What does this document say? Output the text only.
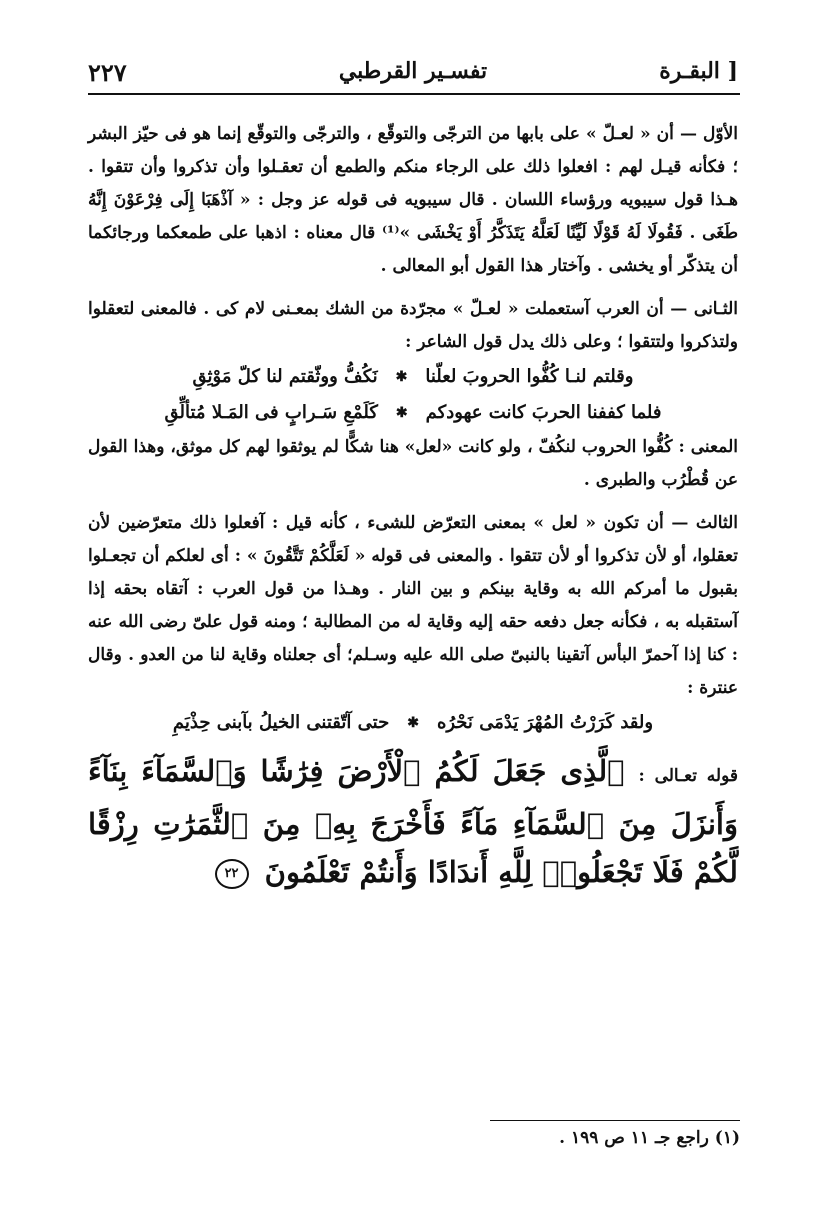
٢٢٧	تفسـير القرطبي	البقـرة ]

الأوّل — أن « لعـلّ » على بابها من الترجّى والتوقّع ، والترجّى والتوقّع إنما هو فى حيّز البشر ؛ فكأنه قيـل لهم : افعلوا ذلك على الرجاء منكم والطمع أن تعقـلوا وأن تذكروا وأن تتقوا . هـذا قول سيبويه ورؤساء اللسان . قال سيبويه فى قوله عز وجل : « آذْهَبَا إِلَى فِرْعَوْنَ إِنَّهُ طَغَى . فَقُولَا لَهُ قَوْلًا لَيِّنًا لَعَلَّهُ يَتَذَكَّرُ أَوْ يَخْشَى »⁽¹⁾ قال معناه : اذهبا على طمعكما ورجائكما أن يتذكّر أو يخشى . وآختار هذا القول أبو المعالى .

الثـانى — أن العرب آستعملت « لعـلّ » مجرّدة من الشك بمعـنى لام كى . فالمعنى لتعقلوا ولتذكروا ولتتقوا ؛ وعلى ذلك يدل قول الشاعر :

وقلتم لنـا كُفُّوا الحروبَ لعلّنا
✱
نَكُفُّ ووثّقتم لنا كلّ مَوْثِقِ
فلما كففنا الحربَ كانت عهودكم
✱
كَلَمْعِ سَـرابٍ فى المَـلا مُتألِّقِ

المعنى : كُفُّوا الحروب لنكُفّ ، ولو كانت «لعل» هنا شكًّا لم يوثقوا لهم كل موثق، وهذا القول عن قُطْرُب والطبرى .

الثالث — أن تكون « لعل » بمعنى التعرّض للشىء ، كأنه قيل : آفعلوا ذلك متعرّضين لأن تعقلوا، أو لأن تذكروا أو لأن تتقوا . والمعنى فى قوله « لَعَلَّكُمْ تَتَّقُونَ » : أى لعلكم أن تجعـلوا بقبول ما أمركم الله به وقاية بينكم و بين النار . وهـذا من قول العرب : آتقاه بحقه إذا آستقبله به ، فكأنه جعل دفعه حقه إليه وقاية له من المطالبة ؛ ومنه قول علىّ رضى الله عنه : كنا إذا آحمرّ البأس آتقينا بالنبىّ صلى الله عليه وسـلم؛ أى جعلناه وقاية لنا من العدو . وقال عنترة :

ولقد كَرَرْتُ المُهْرَ يَدْمَى نَحْرُه
✱
حتى آتّقتنى الخيلُ بآبنى حِذْيَمِ

قوله تعـالى : ٱلَّذِى جَعَلَ لَكُمُ ٱلْأَرْضَ فِرَٰشًا وَٱلسَّمَآءَ بِنَآءً وَأَنزَلَ مِنَ ٱلسَّمَآءِ مَآءً فَأَخْرَجَ بِهِۦ مِنَ ٱلثَّمَرَٰتِ رِزْقًا لَّكُمْ فَلَا تَجْعَلُوا۟ لِلَّهِ أَندَادًا وَأَنتُمْ تَعْلَمُونَ ٢٢

(١) راجع جـ ١١ ص ١٩٩ .
